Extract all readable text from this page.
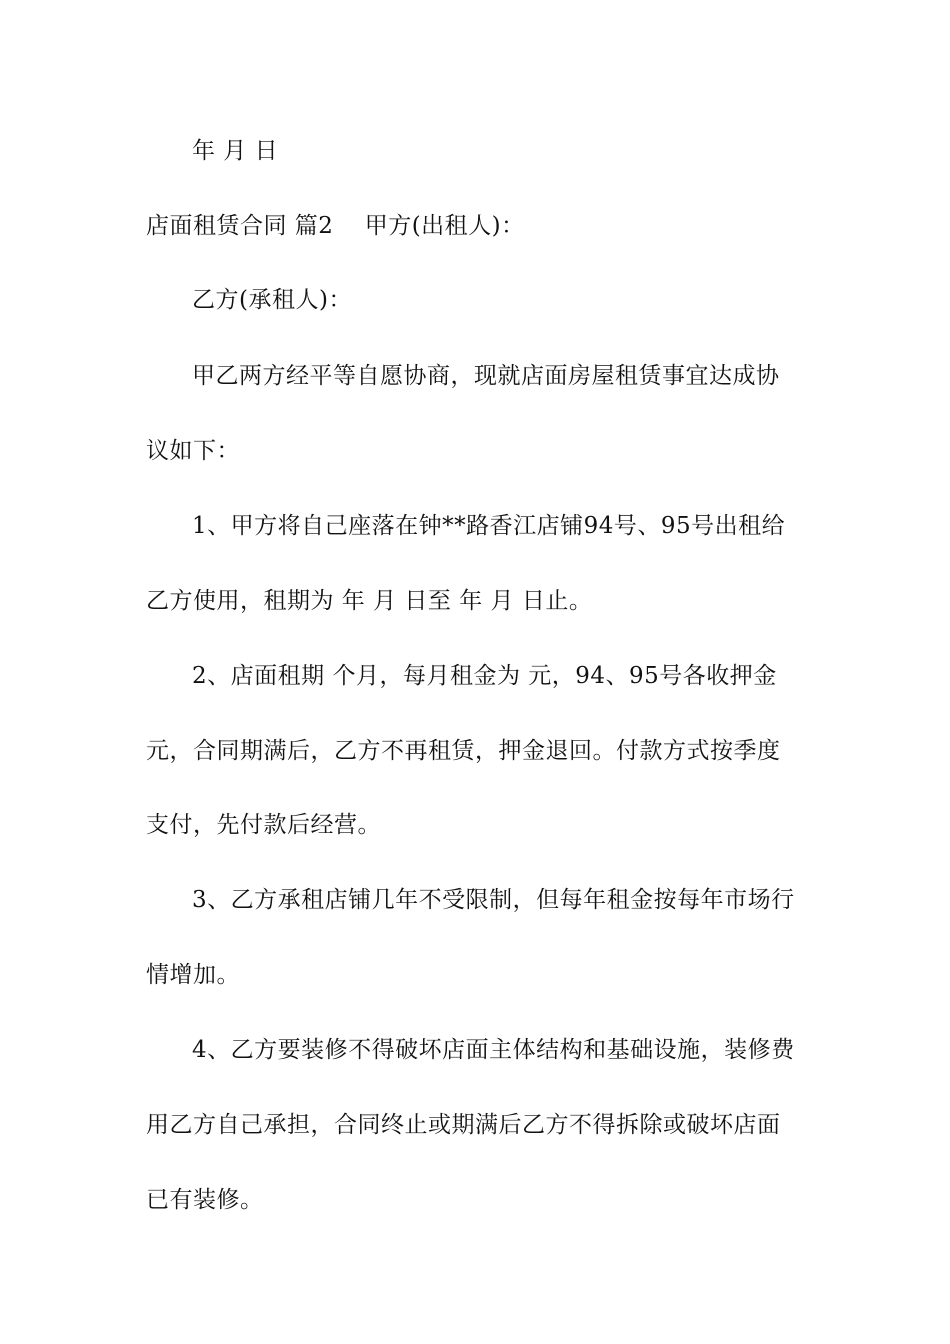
年 月 日
店面租赁合同 篇2    甲方(出租人)：
乙方(承租人)：
甲乙两方经平等自愿协商，现就店面房屋租赁事宜达成协
议如下：
1、甲方将自己座落在钟**路香江店铺94号、95号出租给
乙方使用，租期为 年 月 日至 年 月 日止。
2、店面租期 个月，每月租金为 元，94、95号各收押金
元，合同期满后，乙方不再租赁，押金退回。付款方式按季度
支付，先付款后经营。
3、乙方承租店铺几年不受限制，但每年租金按每年市场行
情增加。
4、乙方要装修不得破坏店面主体结构和基础设施，装修费
用乙方自己承担，合同终止或期满后乙方不得拆除或破坏店面
已有装修。
